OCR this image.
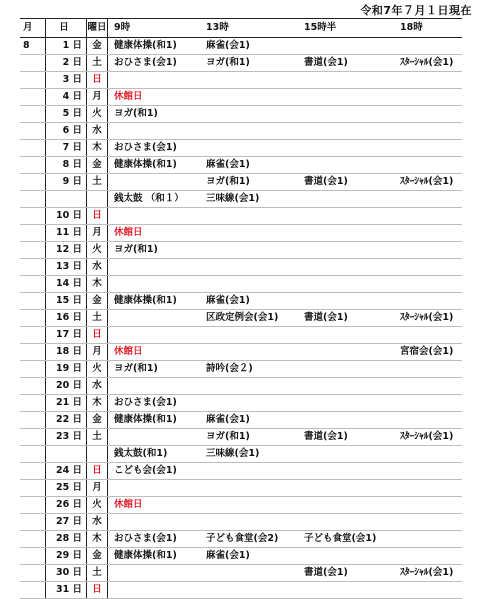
令和7年７月１日現在
月	日	曜日	9時	13時	15時半	18時
8	1 日	金	健康体操(和1)	麻雀(会1)		
	2 日	土	おひさま(会1)	ヨガ(和1)	書道(会1)	ｽﾀｰｼｬﾙ(会1)
	3 日	日				
	4 日	月	休館日			
	5 日	火	ヨガ(和1)			
	6 日	水				
	7 日	木	おひさま(会1)			
	8 日	金	健康体操(和1)	麻雀(会1)		
	9 日	土		ヨガ(和1)	書道(会1)	ｽﾀｰｼｬﾙ(会1)
			銭太鼓 （和１）	三味線(会1)		
	10 日	日				
	11 日	月	休館日			
	12 日	火	ヨガ(和1)			
	13 日	水				
	14 日	木				
	15 日	金	健康体操(和1)	麻雀(会1)		
	16 日	土		区政定例会(会1)	書道(会1)	ｽﾀｰｼｬﾙ(会1)
	17 日	日				
	18 日	月	休館日			宮宿会(会1)
	19 日	火	ヨガ(和1)	詩吟(会２)		
	20 日	水				
	21 日	木	おひさま(会1)			
	22 日	金	健康体操(和1)	麻雀(会1)		
	23 日	土		ヨガ(和1)	書道(会1)	ｽﾀｰｼｬﾙ(会1)
			銭太鼓(和1)	三味線(会1)		
	24 日	日	こども会(会1)			
	25 日	月				
	26 日	火	休館日			
	27 日	水				
	28 日	木	おひさま(会1)	子ども食堂(会2)	子ども食堂(会1)	
	29 日	金	健康体操(和1)	麻雀(会1)		
	30 日	土			書道(会1)	ｽﾀｰｼｬﾙ(会1)
	31 日	日				
